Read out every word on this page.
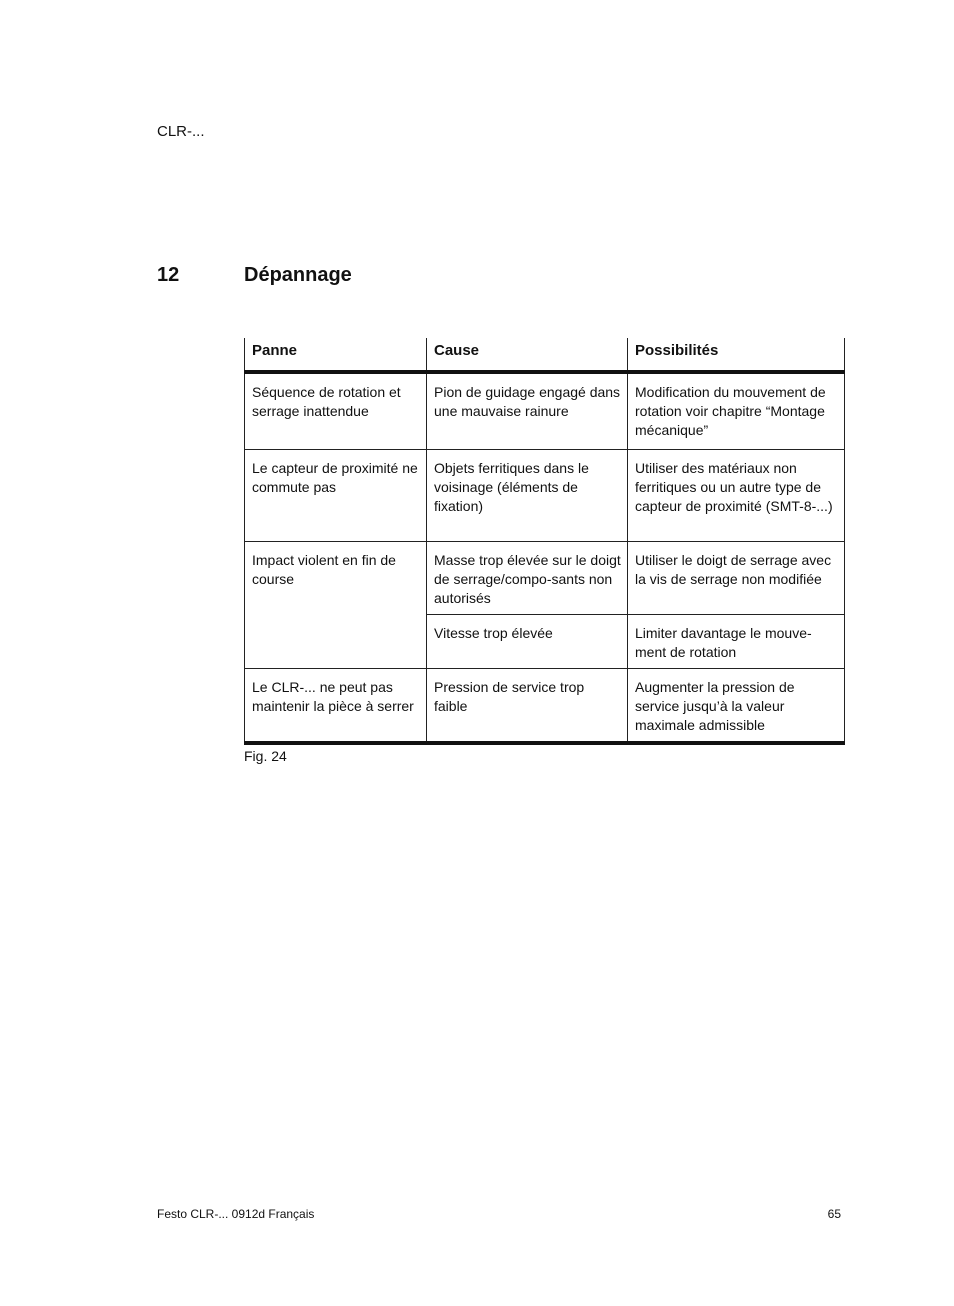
CLR-...
12	Dépannage
Panne	Cause	Possibilités
Séquence de rotation et serrage inattendue	Pion de guidage engagé dans une mauvaise rainure	Modification du mouvement de rotation voir chapitre “Montage mécanique”
Le capteur de proximité ne commute pas	Objets ferritiques dans le voisinage (éléments de fixation)	Utiliser des matériaux non ferritiques ou un autre type de capteur de proximité (SMT-8-...)
Impact violent en fin de course	Masse trop élevée sur le doigt de serrage/compo-sants non autorisés	Utiliser le doigt de serrage avec la vis de serrage non modifiée
	Vitesse trop élevée	Limiter davantage le mouve-ment de rotation
Le CLR-... ne peut pas maintenir la pièce à serrer	Pression de service trop faible	Augmenter la pression de service jusqu’à la valeur maximale admissible
Fig. 24
Festo CLR-... 0912d Français	65
